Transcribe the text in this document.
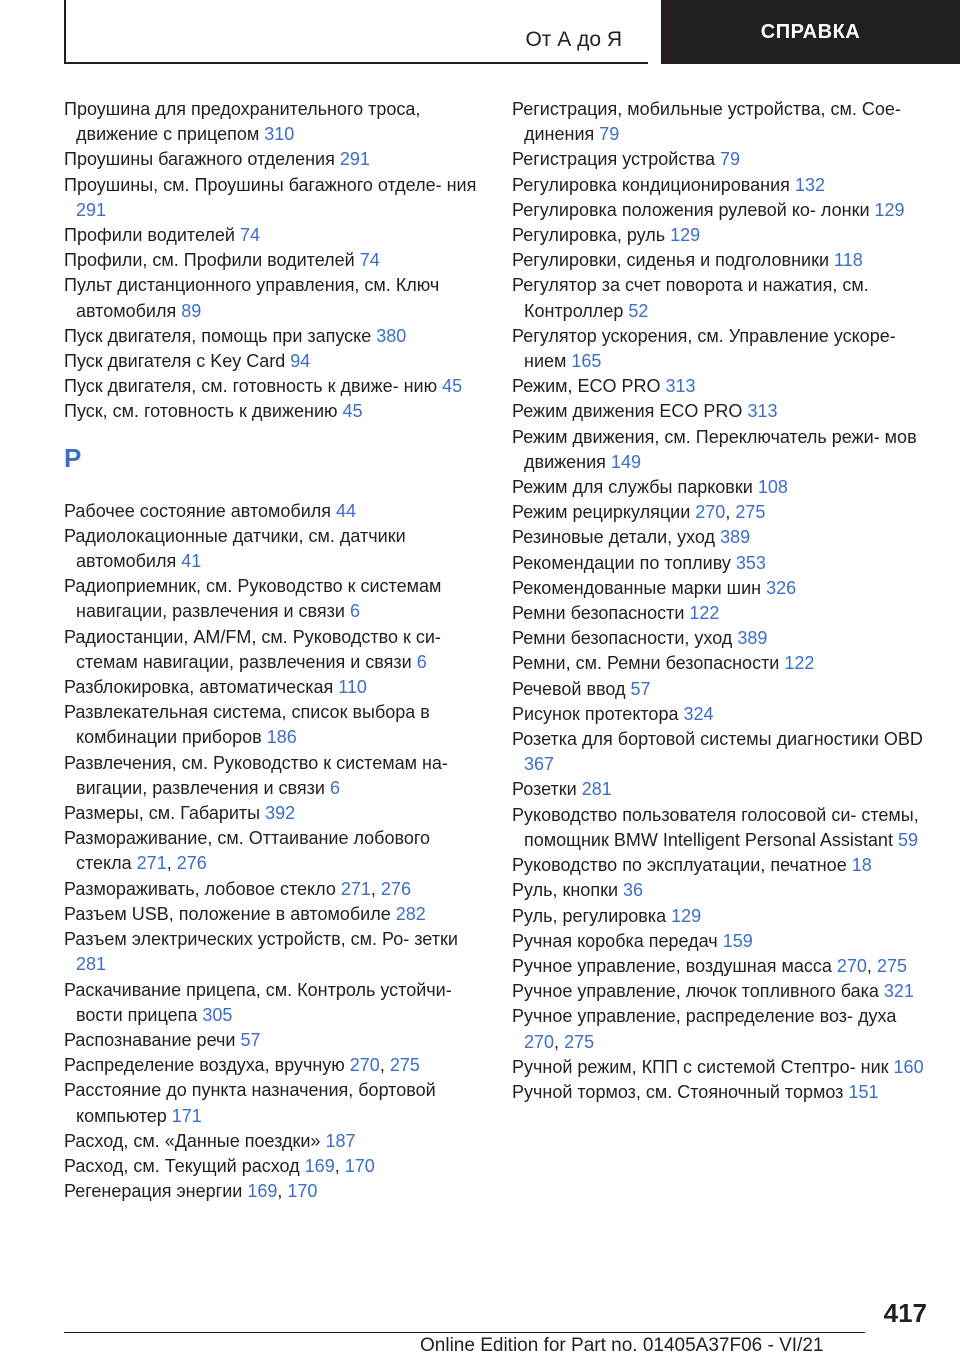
От А до Я	СПРАВКА
Проушина для предохранительного троса, движение с прицепом 310
Проушины багажного отделения 291
Проушины, см. Проушины багажного отделе- ния 291
Профили водителей 74
Профили, см. Профили водителей 74
Пульт дистанционного управления, см. Ключ автомобиля 89
Пуск двигателя, помощь при запуске 380
Пуск двигателя с Key Card 94
Пуск двигателя, см. готовность к движе- нию 45
Пуск, см. готовность к движению 45
Р
Рабочее состояние автомобиля 44
Радиолокационные датчики, см. датчики автомобиля 41
Радиоприемник, см. Руководство к системам навигации, развлечения и связи 6
Радиостанции, AM/FM, см. Руководство к си- стемам навигации, развлечения и связи 6
Разблокировка, автоматическая 110
Развлекательная система, список выбора в комбинации приборов 186
Развлечения, см. Руководство к системам на- вигации, развлечения и связи 6
Размеры, см. Габариты 392
Размораживание, см. Оттаивание лобового стекла 271, 276
Размораживать, лобовое стекло 271, 276
Разъем USB, положение в автомобиле 282
Разъем электрических устройств, см. Ро- зетки 281
Раскачивание прицепа, см. Контроль устойчи- вости прицепа 305
Распознавание речи 57
Распределение воздуха, вручную 270, 275
Расстояние до пункта назначения, бортовой компьютер 171
Расход, см. «Данные поездки» 187
Расход, см. Текущий расход 169, 170
Регенерация энергии 169, 170
Регистрация, мобильные устройства, см. Сое- динения 79
Регистрация устройства 79
Регулировка кондиционирования 132
Регулировка положения рулевой ко- лонки 129
Регулировка, руль 129
Регулировки, сиденья и подголовники 118
Регулятор за счет поворота и нажатия, см. Контроллер 52
Регулятор ускорения, см. Управление ускоре- нием 165
Режим, ECO PRO 313
Режим движения ECO PRO 313
Режим движения, см. Переключатель режи- мов движения 149
Режим для службы парковки 108
Режим рециркуляции 270, 275
Резиновые детали, уход 389
Рекомендации по топливу 353
Рекомендованные марки шин 326
Ремни безопасности 122
Ремни безопасности, уход 389
Ремни, см. Ремни безопасности 122
Речевой ввод 57
Рисунок протектора 324
Розетка для бортовой системы диагностики OBD 367
Розетки 281
Руководство пользователя голосовой си- стемы, помощник BMW Intelligent Personal Assistant 59
Руководство по эксплуатации, печатное 18
Руль, кнопки 36
Руль, регулировка 129
Ручная коробка передач 159
Ручное управление, воздушная масса 270, 275
Ручное управление, лючок топливного бака 321
Ручное управление, распределение воз- духа 270, 275
Ручной режим, КПП с системой Стептро- ник 160
Ручной тормоз, см. Стояночный тормоз 151
417
Online Edition for Part no. 01405A37F06 - VI/21
